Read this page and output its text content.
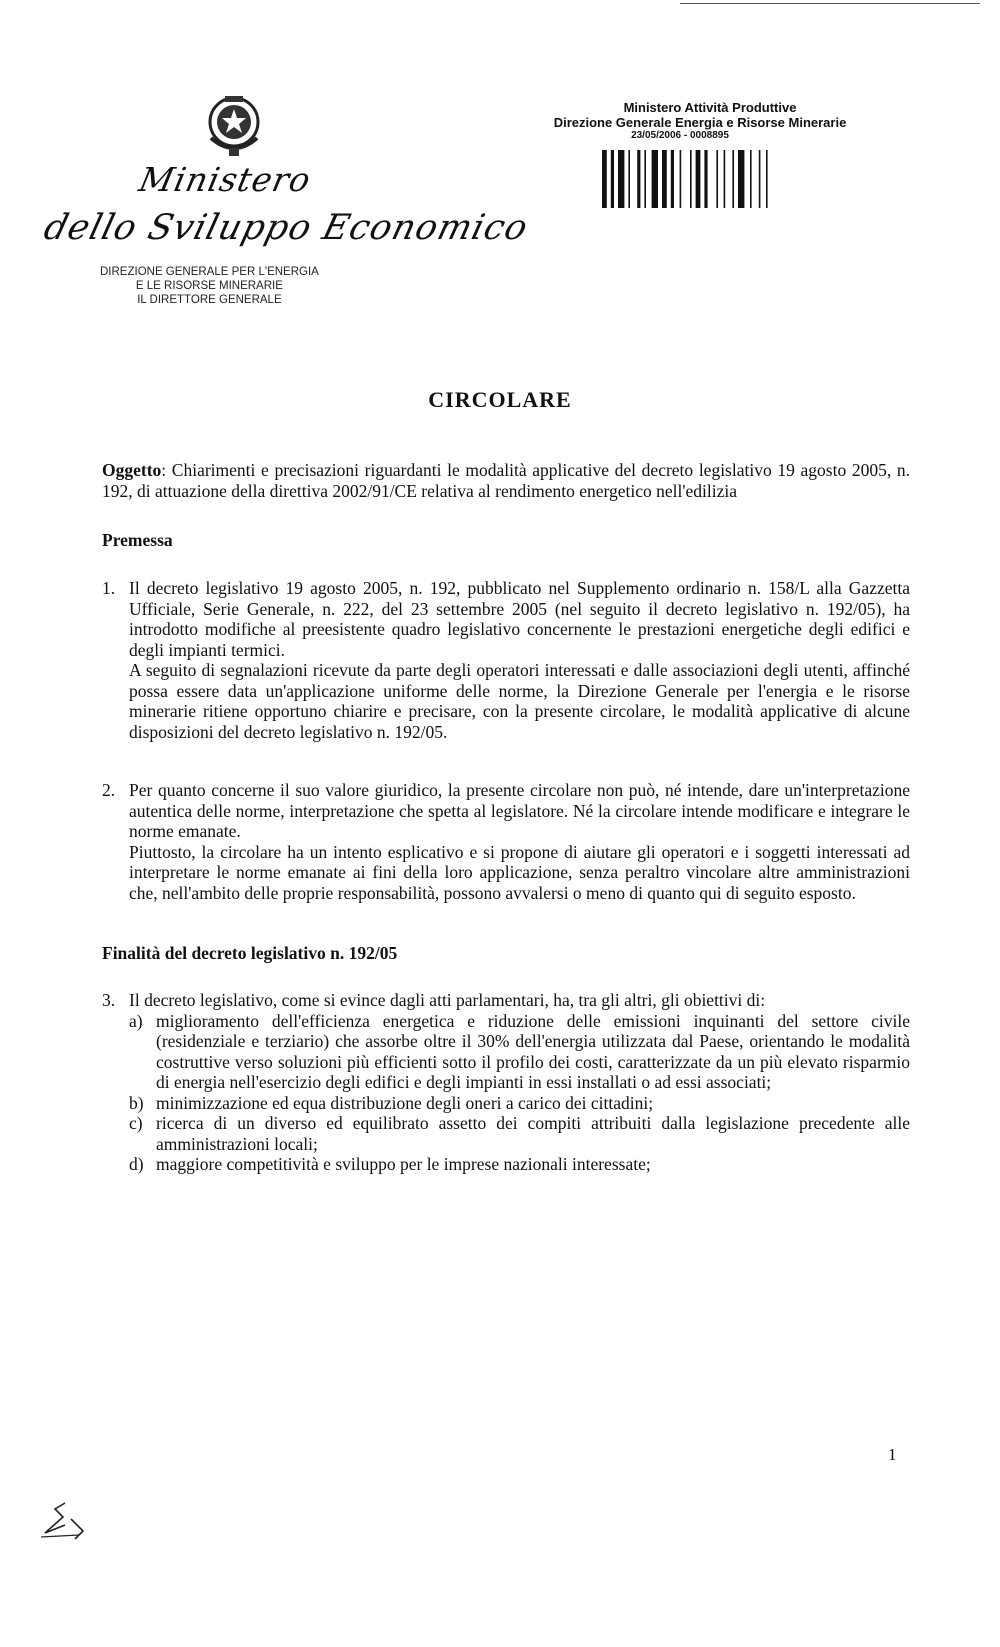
Ministero
dello Sviluppo Economico
DIREZIONE GENERALE PER L'ENERGIA
E LE RISORSE MINERARIE
IL DIRETTORE GENERALE
Ministero Attività Produttive
Direzione Generale Energia e Risorse Minerarie
23/05/2006 - 0008895
CIRCOLARE
Oggetto: Chiarimenti e precisazioni riguardanti le modalità applicative del decreto legislativo 19 agosto 2005, n. 192, di attuazione della direttiva 2002/91/CE relativa al rendimento energetico nell'edilizia
Premessa
1. Il decreto legislativo 19 agosto 2005, n. 192, pubblicato nel Supplemento ordinario n. 158/L alla Gazzetta Ufficiale, Serie Generale, n. 222, del 23 settembre 2005 (nel seguito il decreto legislativo n. 192/05), ha introdotto modifiche al preesistente quadro legislativo concernente le prestazioni energetiche degli edifici e degli impianti termici.

A seguito di segnalazioni ricevute da parte degli operatori interessati e dalle associazioni degli utenti, affinché possa essere data un'applicazione uniforme delle norme, la Direzione Generale per l'energia e le risorse minerarie ritiene opportuno chiarire e precisare, con la presente circolare, le modalità applicative di alcune disposizioni del decreto legislativo n. 192/05.

2. Per quanto concerne il suo valore giuridico, la presente circolare non può, né intende, dare un'interpretazione autentica delle norme, interpretazione che spetta al legislatore. Né la circolare intende modificare e integrare le norme emanate.

Piuttosto, la circolare ha un intento esplicativo e si propone di aiutare gli operatori e i soggetti interessati ad interpretare le norme emanate ai fini della loro applicazione, senza peraltro vincolare altre amministrazioni che, nell'ambito delle proprie responsabilità, possono avvalersi o meno di quanto qui di seguito esposto.

Finalità del decreto legislativo n. 192/05
3. Il decreto legislativo, come si evince dagli atti parlamentari, ha, tra gli altri, gli obiettivi di:

a) miglioramento dell'efficienza energetica e riduzione delle emissioni inquinanti del settore civile (residenziale e terziario) che assorbe oltre il 30% dell'energia utilizzata dal Paese, orientando le modalità costruttive verso soluzioni più efficienti sotto il profilo dei costi, caratterizzate da un più elevato risparmio di energia nell'esercizio degli edifici e degli impianti in essi installati o ad essi associati;
b) minimizzazione ed equa distribuzione degli oneri a carico dei cittadini;
c) ricerca di un diverso ed equilibrato assetto dei compiti attribuiti dalla legislazione precedente alle amministrazioni locali;
d) maggiore competitività e sviluppo per le imprese nazionali interessate;
1
